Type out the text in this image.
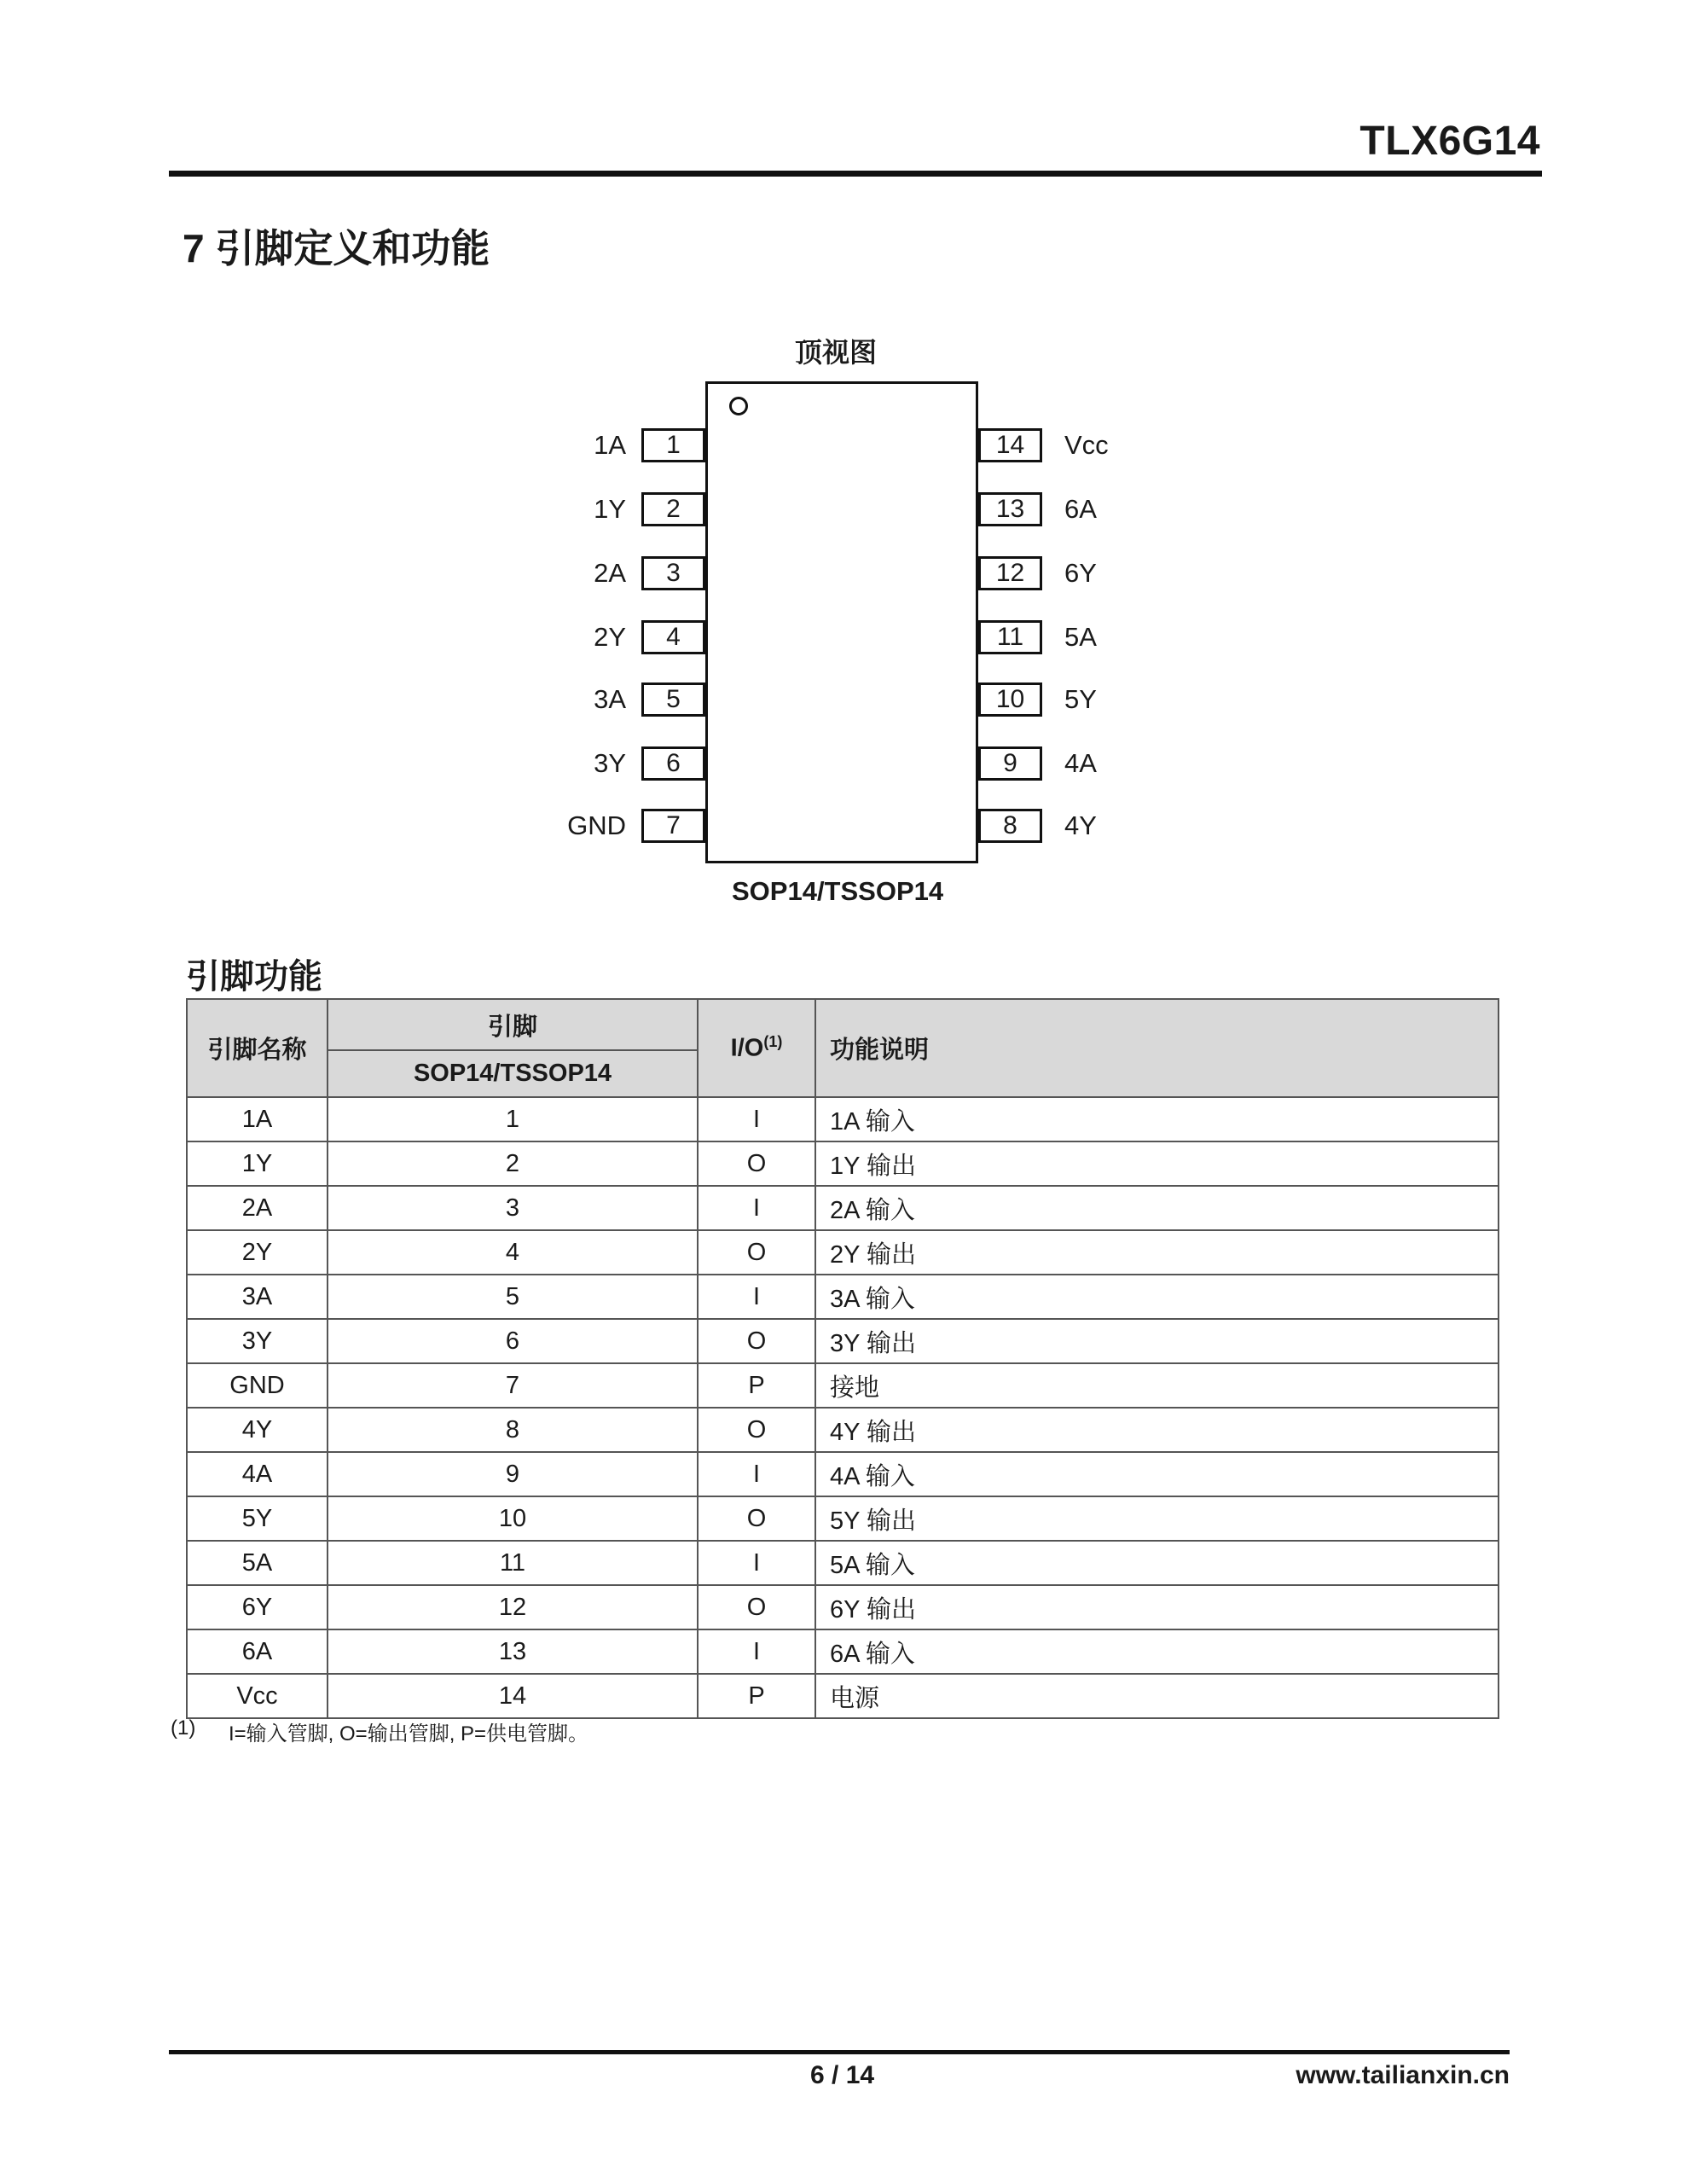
TLX6G14
7 引脚定义和功能
顶视图
1A	1
1Y	2
2A	3
2Y	4
3A	5
3Y	6
GND	7
14	Vcc
13	6A
12	6Y
11	5A
10	5Y
9	4A
8	4Y
SOP14/TSSOP14
引脚功能
引脚名称	引脚	$I/O^{(1)}$	功能说明
	SOP14/TSSOP14		
1A	1	I	1A 输入
1Y	2	O	1Y 输出
2A	3	I	2A 输入
2Y	4	O	2Y 输出
3A	5	I	3A 输入
3Y	6	O	3Y 输出
GND	7	P	接地
4Y	8	O	4Y 输出
4A	9	I	4A 输入
5Y	10	O	5Y 输出
5A	11	I	5A 输入
6Y	12	O	6Y 输出
6A	13	I	6A 输入
Vcc	14	P	电源
(1) I=输入管脚, O=输出管脚, P=供电管脚。
6 / 14	www.tailianxin.cn
